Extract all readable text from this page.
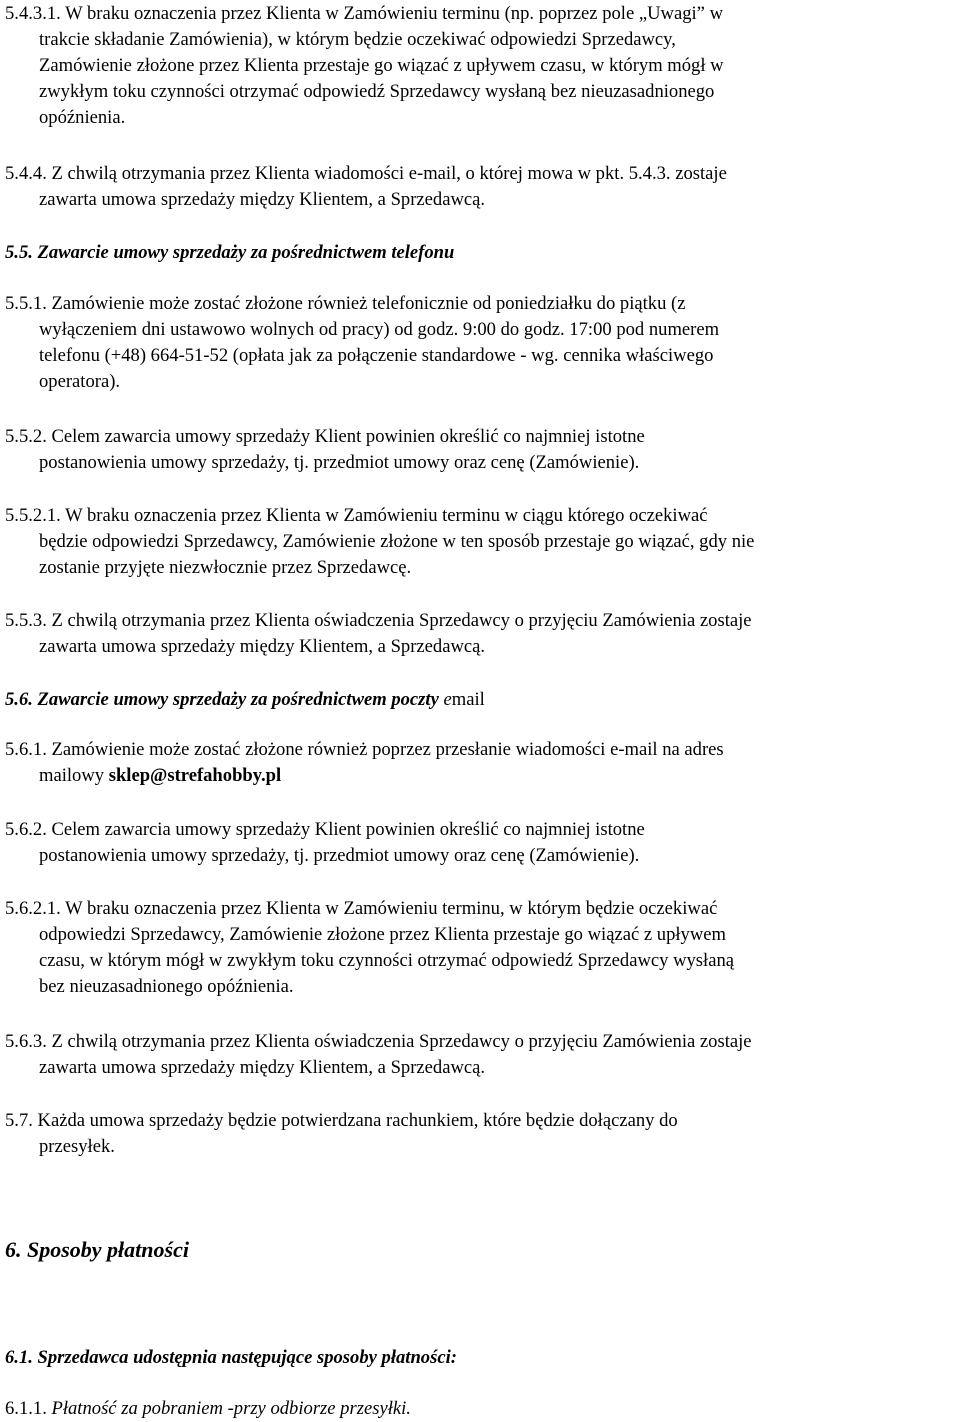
5.4.3.1. W braku oznaczenia przez Klienta w Zamówieniu terminu (np. poprzez pole „Uwagi” w
trakcie składanie Zamówienia), w którym będzie oczekiwać odpowiedzi Sprzedawcy,
Zamówienie złożone przez Klienta przestaje go wiązać z upływem czasu, w którym mógł w
zwykłym toku czynności otrzymać odpowiedź Sprzedawcy wysłaną bez nieuzasadnionego
opóźnienia.
5.4.4. Z chwilą otrzymania przez Klienta wiadomości e-mail, o której mowa w pkt. 5.4.3. zostaje
zawarta umowa sprzedaży między Klientem, a Sprzedawcą.
5.5. Zawarcie umowy sprzedaży za pośrednictwem telefonu
5.5.1. Zamówienie może zostać złożone również telefonicznie od poniedziałku do piątku (z
wyłączeniem dni ustawowo wolnych od pracy) od godz. 9:00 do godz. 17:00 pod numerem
telefonu (+48) 664-51-52 (opłata jak za połączenie standardowe - wg. cennika właściwego
operatora).
5.5.2. Celem zawarcia umowy sprzedaży Klient powinien określić co najmniej istotne
postanowienia umowy sprzedaży, tj. przedmiot umowy oraz cenę (Zamówienie).
5.5.2.1. W braku oznaczenia przez Klienta w Zamówieniu terminu w ciągu którego oczekiwać
będzie odpowiedzi Sprzedawcy, Zamówienie złożone w ten sposób przestaje go wiązać, gdy nie
zostanie przyjęte niezwłocznie przez Sprzedawcę.
5.5.3. Z chwilą otrzymania przez Klienta oświadczenia Sprzedawcy o przyjęciu Zamówienia zostaje
zawarta umowa sprzedaży między Klientem, a Sprzedawcą.
5.6. Zawarcie umowy sprzedaży za pośrednictwem poczty email
5.6.1. Zamówienie może zostać złożone również poprzez przesłanie wiadomości e-mail na adres
mailowy sklep@strefahobby.pl
5.6.2. Celem zawarcia umowy sprzedaży Klient powinien określić co najmniej istotne
postanowienia umowy sprzedaży, tj. przedmiot umowy oraz cenę (Zamówienie).
5.6.2.1. W braku oznaczenia przez Klienta w Zamówieniu terminu, w którym będzie oczekiwać
odpowiedzi Sprzedawcy, Zamówienie złożone przez Klienta przestaje go wiązać z upływem
czasu, w którym mógł w zwykłym toku czynności otrzymać odpowiedź Sprzedawcy wysłaną
bez nieuzasadnionego opóźnienia.
5.6.3. Z chwilą otrzymania przez Klienta oświadczenia Sprzedawcy o przyjęciu Zamówienia zostaje
zawarta umowa sprzedaży między Klientem, a Sprzedawcą.
5.7. Każda umowa sprzedaży będzie potwierdzana rachunkiem, które będzie dołączany do
przesyłek.
6. Sposoby płatności
6.1. Sprzedawca udostępnia następujące sposoby płatności:
6.1.1. Płatność za pobraniem -przy odbiorze przesyłki.
